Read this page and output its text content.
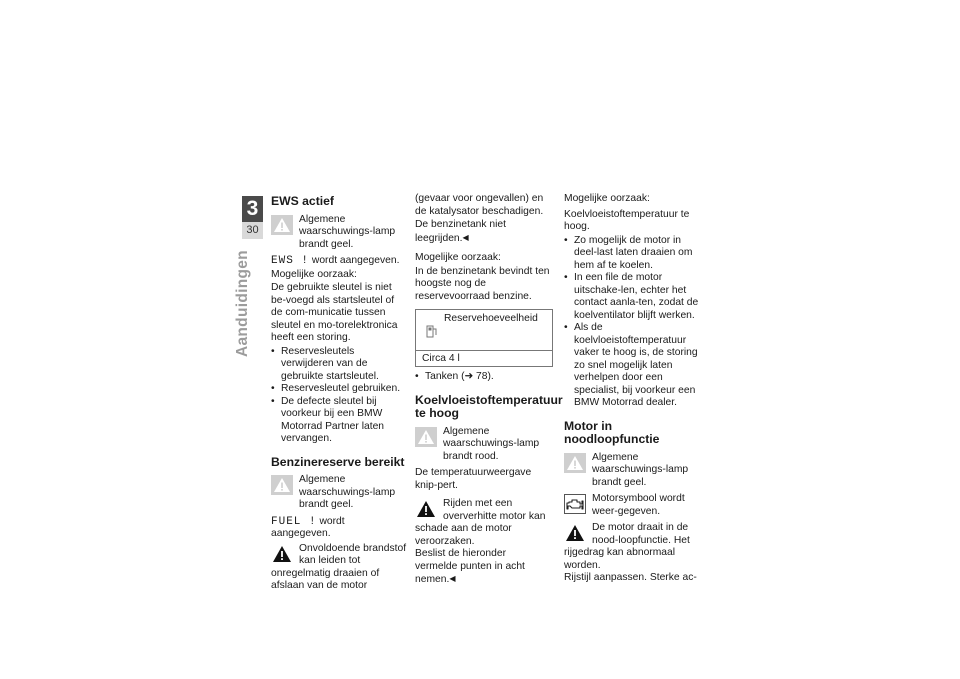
3
30
Aanduidingen
EWS actief
Algemene waarschuwings-lamp brandt geel.

EWS ! wordt aangegeven.

Mogelijke oorzaak:

De gebruikte sleutel is niet be-voegd als startsleutel of de com-municatie tussen sleutel en mo-torelektronica heeft een storing.

• Reservesleutels verwijderen van de gebruikte startsleutel.
• Reservesleutel gebruiken.
• De defecte sleutel bij voorkeur bij een BMW Motorrad Partner laten vervangen.
Benzinereserve bereikt
Algemene waarschuwings-lamp brandt geel.

FUEL ! wordt aangegeven.

Onvoldoende brandstof kan leiden tot onregelmatig draaien of afslaan van de motor

(gevaar voor ongevallen) en de katalysator beschadigen.

De benzinetank niet leegrijden.◀

Mogelijke oorzaak:

In de benzinetank bevindt ten hoogste nog de reservevoorraad benzine.

Reservehoeveelheid
Circa 4 l
• Tanken (➜ 78).
Koelvloeistoftemperatuur te hoog
Algemene waarschuwings-lamp brandt rood.

De temperatuurweergave knip-pert.

Rijden met een oververhitte motor kan schade aan de motor veroorzaken.

Beslist de hieronder vermelde punten in acht nemen.◀

Mogelijke oorzaak:

Koelvloeistoftemperatuur te hoog.

• Zo mogelijk de motor in deel-last laten draaien om hem af te koelen.
• In een file de motor uitschake-len, echter het contact aanla-ten, zodat de koelventilator blijft werken.
• Als de koelvloeistoftemperatuur vaker te hoog is, de storing zo snel mogelijk laten verhelpen door een specialist, bij voorkeur een BMW Motorrad dealer.
Motor in noodloopfunctie
Algemene waarschuwings-lamp brandt geel.
Motorsymbool wordt weer-gegeven.
De motor draait in de nood-loopfunctie. Het rijgedrag kan abnormaal worden.

Rijstijl aanpassen. Sterke ac-
